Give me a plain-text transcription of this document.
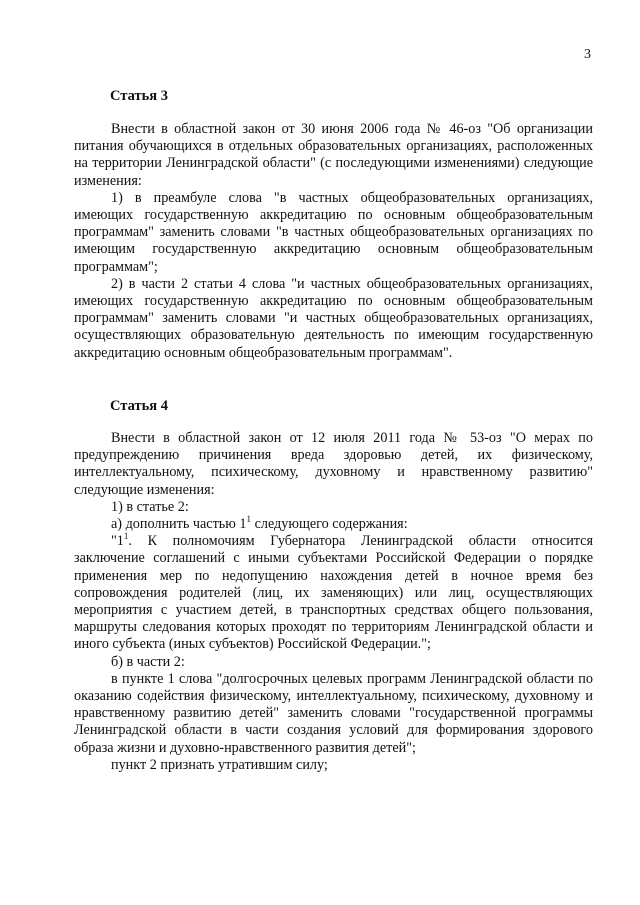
3
Статья 3

Внести в областной закон от 30 июня 2006 года № 46-оз "Об организации питания обучающихся в отдельных образовательных организациях, расположенных на территории Ленинградской области" (с последующими изменениями) следующие изменения:

1) в преамбуле слова "в частных общеобразовательных организациях, имеющих государственную аккредитацию по основным общеобразовательным программам" заменить словами "в частных общеобразовательных организациях по имеющим государственную аккредитацию основным общеобразовательным программам";

2) в части 2 статьи 4 слова "и частных общеобразовательных организациях, имеющих государственную аккредитацию по основным общеобразовательным программам" заменить словами "и частных общеобразовательных организациях, осуществляющих образовательную деятельность по имеющим государственную аккредитацию основным общеобразовательным программам".

Статья 4

Внести в областной закон от 12 июля 2011 года № 53-оз "О мерах по предупреждению причинения вреда здоровью детей, их физическому, интеллектуальному, психическому, духовному и нравственному развитию" следующие изменения:

1) в статье 2:

а) дополнить частью $1^1$ следующего содержания:

"$1^1$. К полномочиям Губернатора Ленинградской области относится заключение соглашений с иными субъектами Российской Федерации о порядке применения мер по недопущению нахождения детей в ночное время без сопровождения родителей (лиц, их заменяющих) или лиц, осуществляющих мероприятия с участием детей, в транспортных средствах общего пользования, маршруты следования которых проходят по территориям Ленинградской области и иного субъекта (иных субъектов) Российской Федерации.";

б) в части 2:

в пункте 1 слова "долгосрочных целевых программ Ленинградской области по оказанию содействия физическому, интеллектуальному, психическому, духовному и нравственному развитию детей" заменить словами "государственной программы Ленинградской области в части создания условий для формирования здорового образа жизни и духовно-нравственного развития детей";

пункт 2 признать утратившим силу;
